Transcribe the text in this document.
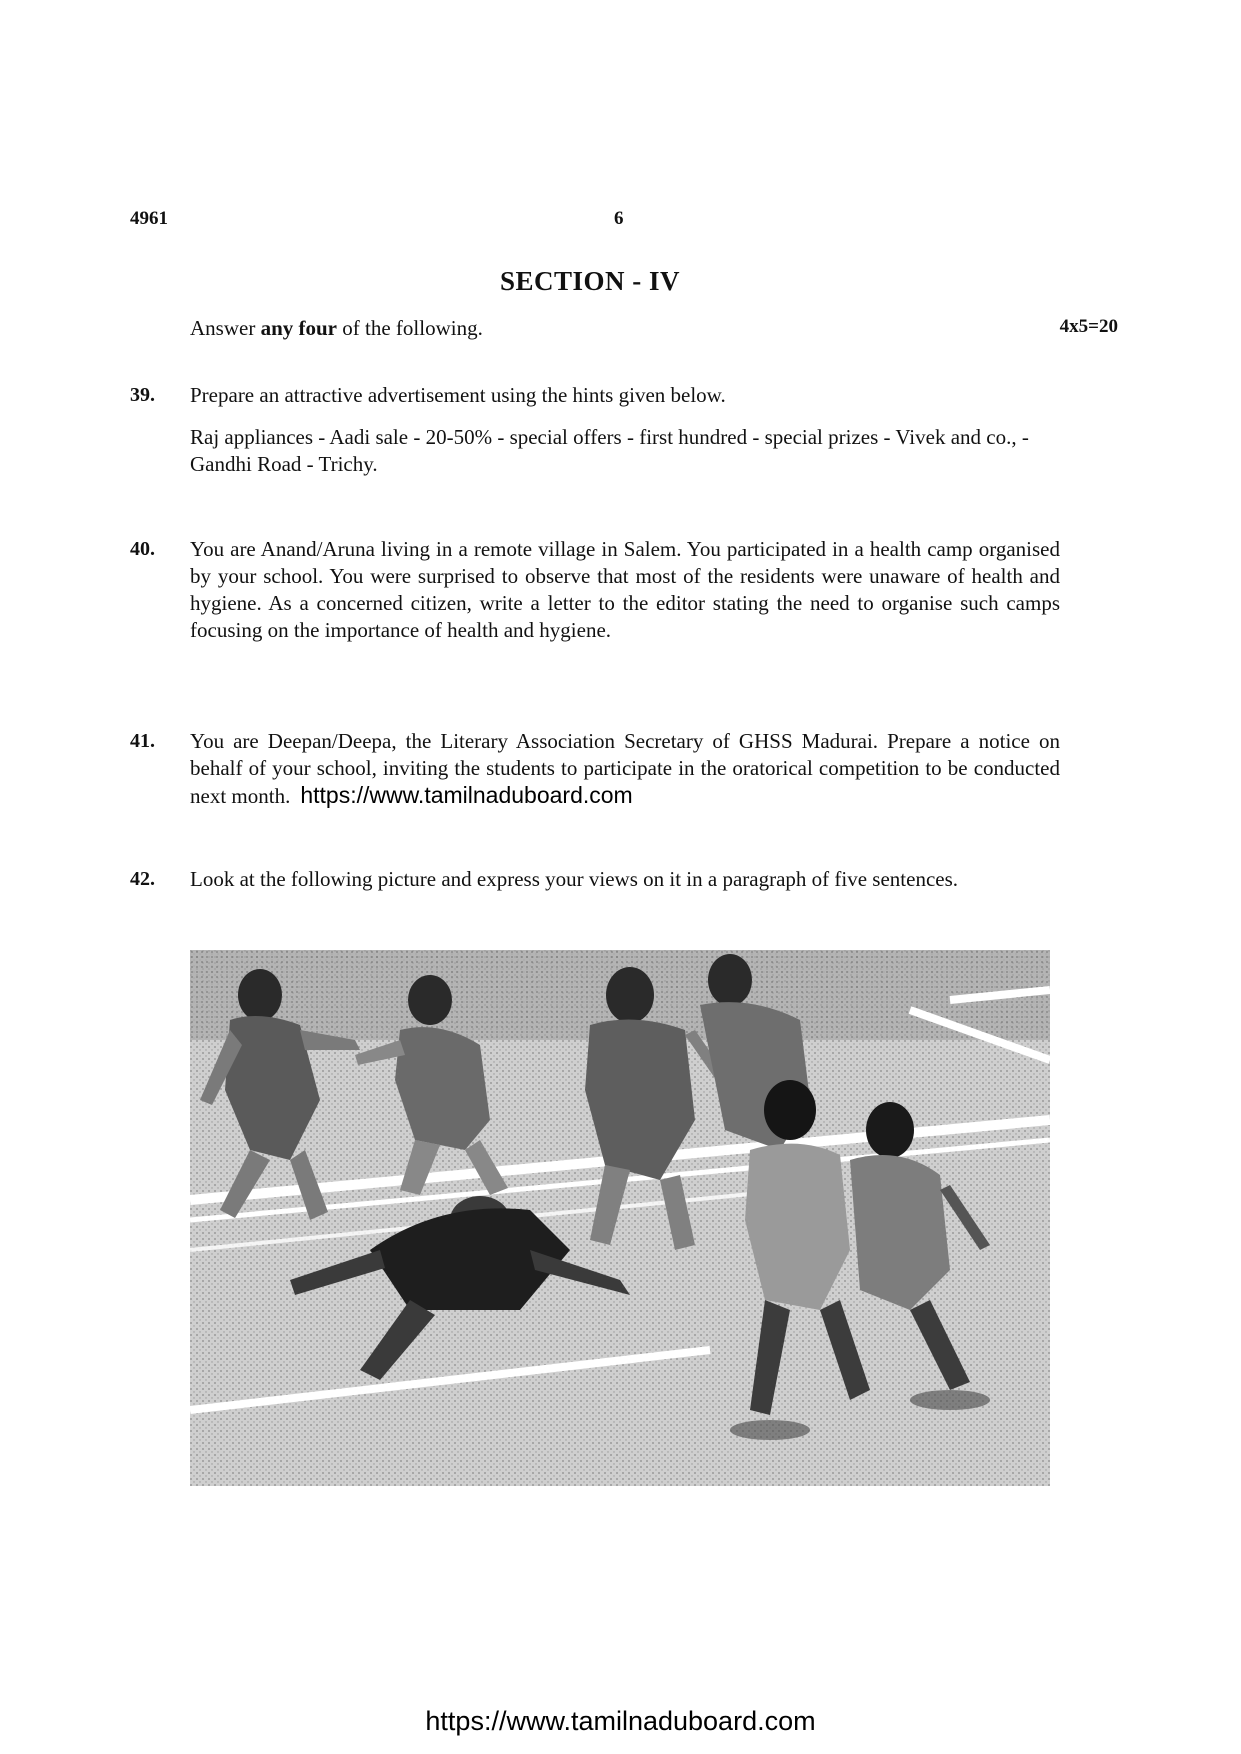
4961	6
SECTION - IV
Answer any four of the following.	4x5=20
39. Prepare an attractive advertisement using the hints given below.
Raj appliances - Aadi sale - 20-50% - special offers - first hundred - special prizes - Vivek and co., - Gandhi Road - Trichy.
40. You are Anand/Aruna living in a remote village in Salem. You participated in a health camp organised by your school. You were surprised to observe that most of the residents were unaware of health and hygiene. As a concerned citizen, write a letter to the editor stating the need to organise such camps focusing on the importance of health and hygiene.
41. You are Deepan/Deepa, the Literary Association Secretary of GHSS Madurai. Prepare a notice on behalf of your school, inviting the students to participate in the oratorical competition to be conducted next month. https://www.tamilnaduboard.com
42. Look at the following picture and express your views on it in a paragraph of five sentences.
https://www.tamilnaduboard.com
